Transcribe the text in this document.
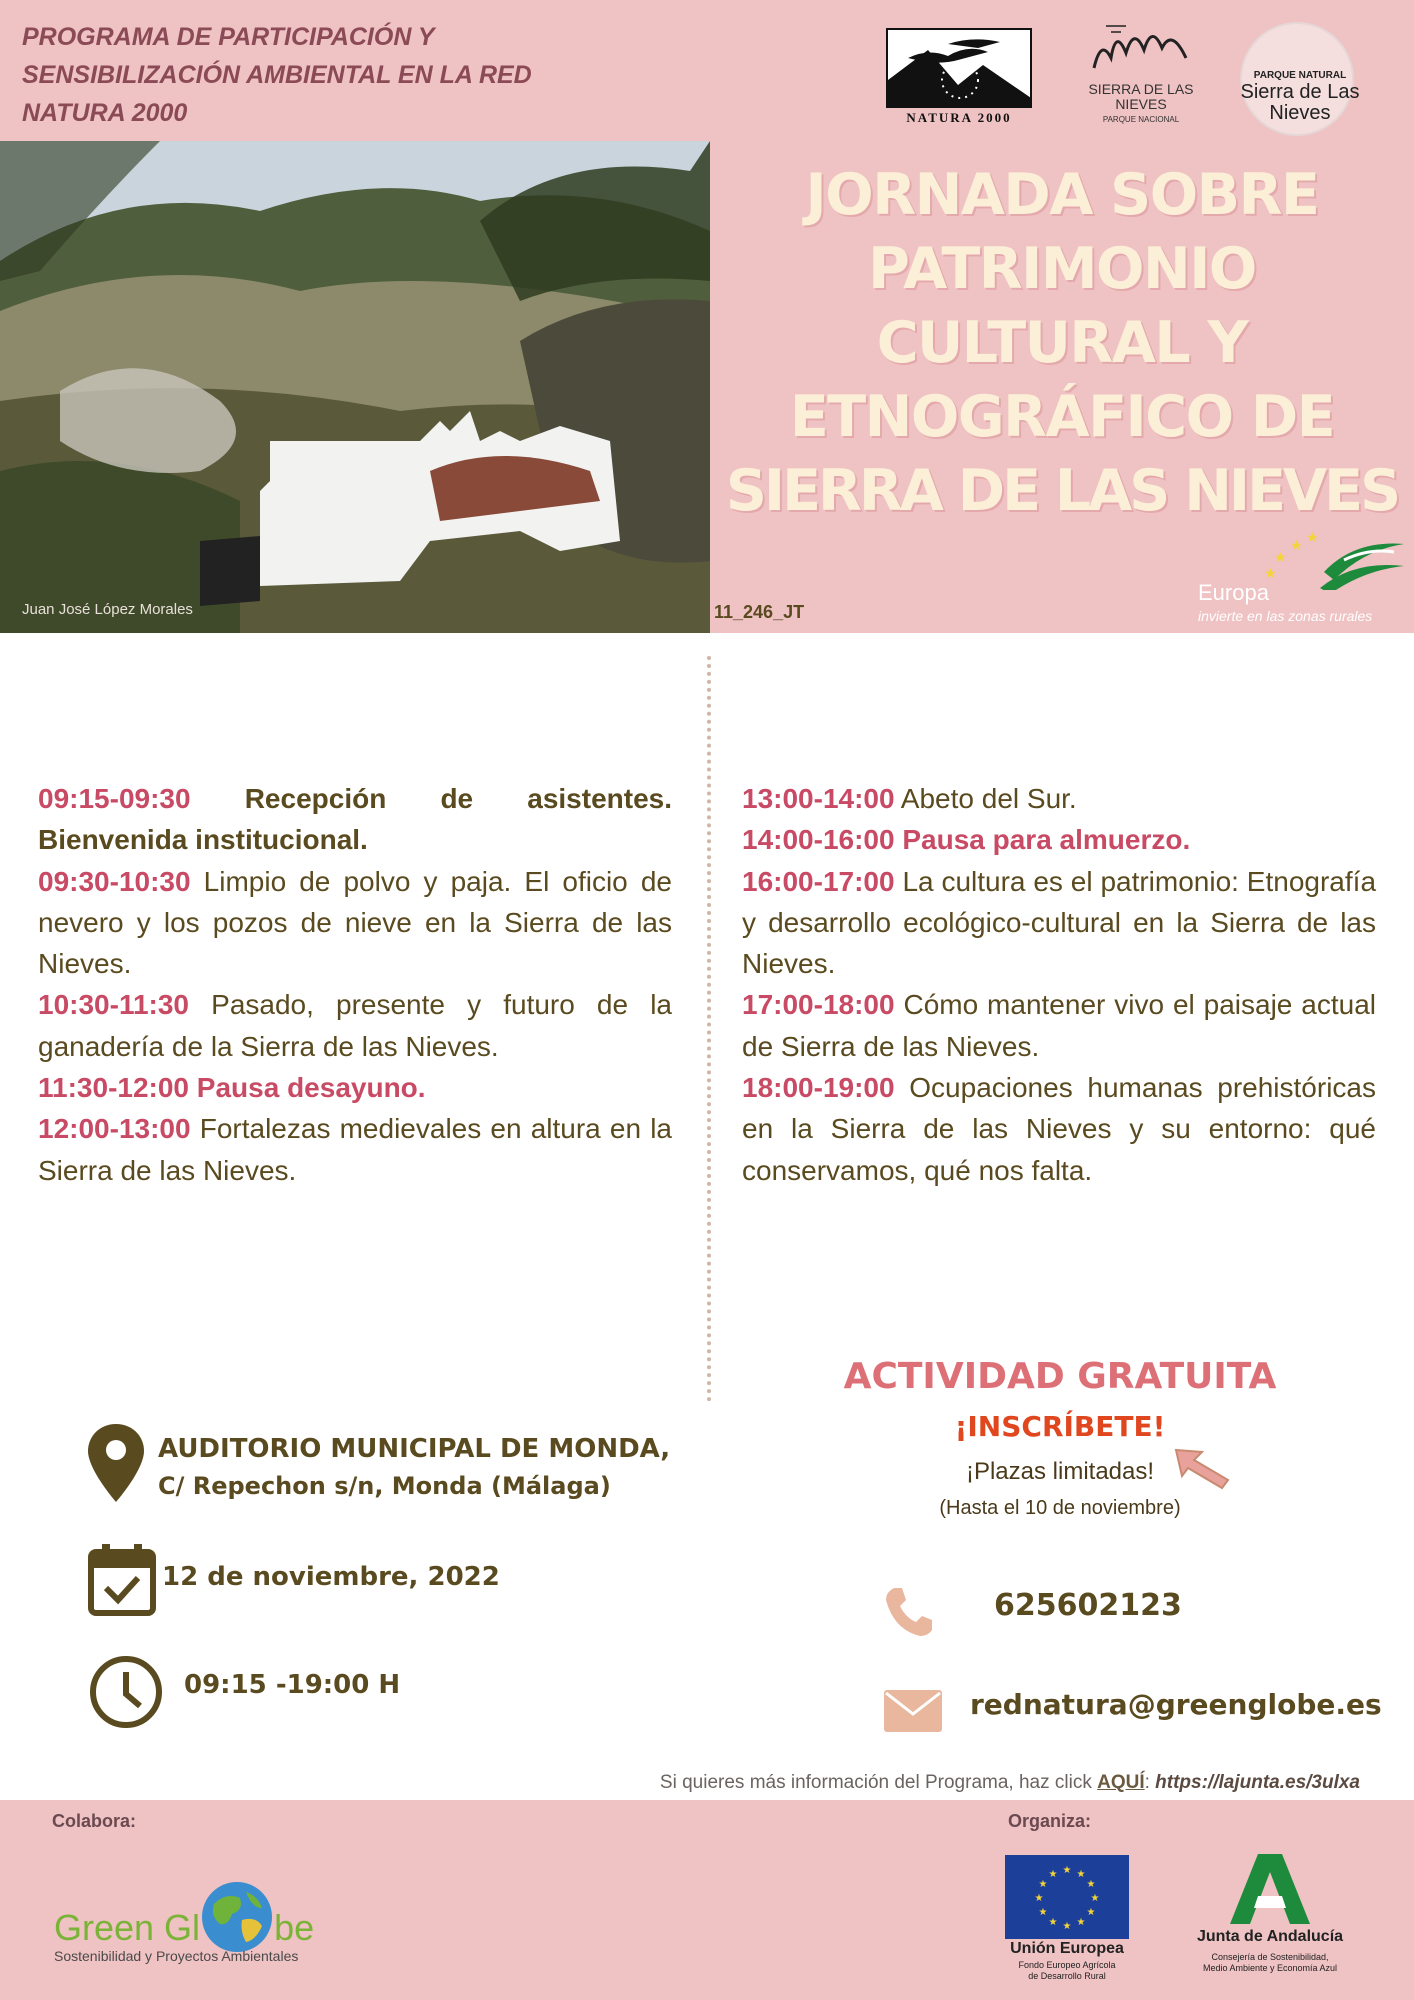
PROGRAMA DE PARTICIPACIÓN Y SENSIBILIZACIÓN AMBIENTAL EN LA RED NATURA 2000	NATURA 2000
SIERRA DE LAS NIEVES
PARQUE NACIONAL
PARQUE NATURAL
Sierra de Las Nieves
Juan José López Morales	11_246_JT
JORNADA SOBRE
PATRIMONIO
CULTURAL Y
ETNOGRÁFICO DE
SIERRA DE LAS NIEVES
★
★ ★
★
Europa
invierte en las zonas rurales

09:15-09:30 Recepción de asistentes. Bienvenida institucional.

09:30-10:30 Limpio de polvo y paja. El oficio de nevero y los pozos de nieve en la Sierra de las Nieves.

10:30-11:30 Pasado, presente y futuro de la ganadería de la Sierra de las Nieves.

11:30-12:00 Pausa desayuno.

12:00-13:00 Fortalezas medievales en altura en la Sierra de las Nieves.

13:00-14:00 Abeto del Sur.

14:00-16:00 Pausa para almuerzo.

16:00-17:00 La cultura es el patrimonio: Etnografía y desarrollo ecológico-cultural en la Sierra de las Nieves.

17:00-18:00 Cómo mantener vivo el paisaje actual de Sierra de las Nieves.

18:00-19:00 Ocupaciones humanas prehistóricas en la Sierra de las Nieves y su entorno: qué conservamos, qué nos falta.

AUDITORIO MUNICIPAL DE MONDA,
C/ Repechon s/n, Monda (Málaga)
12 de noviembre, 2022
09:15 -19:00 H
ACTIVIDAD GRATUITA
¡INSCRÍBETE!
¡Plazas limitadas!
(Hasta el 10 de noviembre)
625602123
rednatura@greenglobe.es
Si quieres más información del Programa, haz click AQUÍ: https://lajunta.es/3ulxa
Colabora:	Organiza:
Green Gl be
Sostenibilidad y Proyectos Ambientales
★ ★
★
★
★
★
★
★
★
★
★
★
Unión Europea
Fondo Europeo Agrícola
de Desarrollo Rural
Junta de Andalucía
Consejería de Sostenibilidad,
Medio Ambiente y Economía Azul
